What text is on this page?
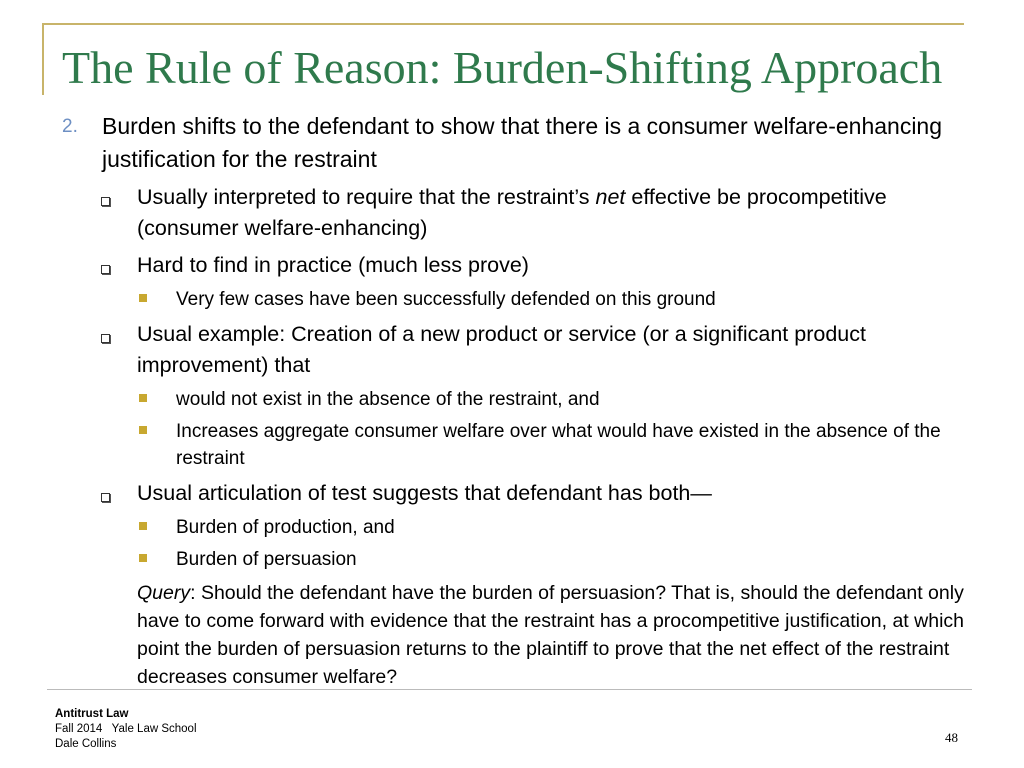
The Rule of Reason: Burden-Shifting Approach
2. Burden shifts to the defendant to show that there is a consumer welfare-enhancing justification for the restraint

Usually interpreted to require that the restraint’s net effective be procompetitive (consumer welfare-enhancing)

Hard to find in practice (much less prove)

Very few cases have been successfully defended on this ground

Usual example: Creation of a new product or service (or a significant product improvement) that

would not exist in the absence of the restraint, and

Increases aggregate consumer welfare over what would have existed in the absence of the restraint

Usual articulation of test suggests that defendant has both—

Burden of production, and

Burden of persuasion

Query: Should the defendant have the burden of persuasion? That is, should the defendant only have to come forward with evidence that the restraint has a procompetitive justification, at which point the burden of persuasion returns to the plaintiff to prove that the net effect of the restraint decreases consumer welfare?

Antitrust Law
Fall 2014   Yale Law School
Dale Collins	48
